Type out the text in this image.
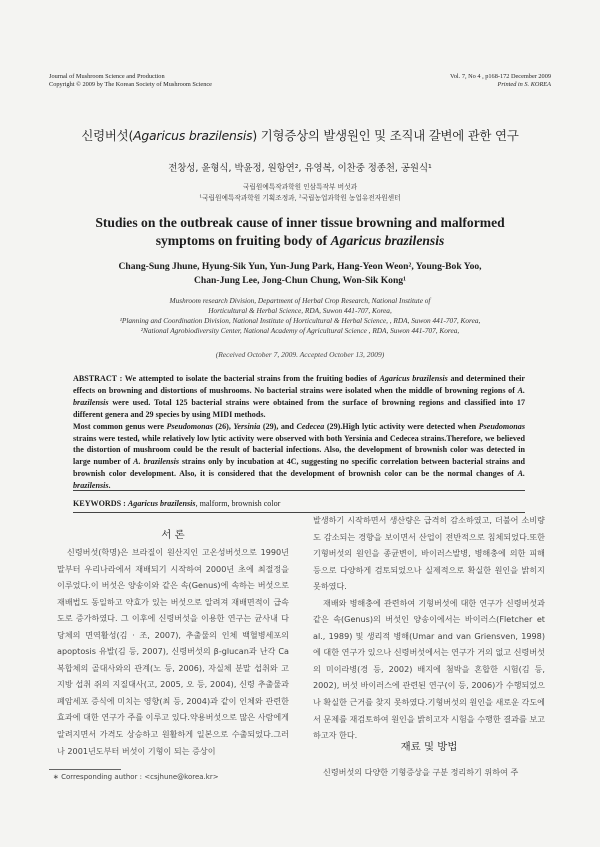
Journal of Mushroom Science and Production
Copyright © 2009 by The Korean Society of Mushroom Science
Vol. 7, No 4 , p168-172 December 2009
Printed in S. KOREA
신령버섯(Agaricus brazilensis) 기형증상의 발생원인 및 조직내 갈변에 관한 연구
전창성, 윤형식, 박윤정, 원항연², 유영복, 이찬중 정종천, 공원식¹
국립원예특작과학원 인삼특작부 버섯과
¹국립원예특작과학원 기획조정과, ²국립농업과학원 농업유전자원센터
Studies on the outbreak cause of inner tissue browning and malformed
symptoms on fruiting body of Agaricus brazilensis
Chang-Sung Jhune, Hyung-Sik Yun, Yun-Jung Park, Hang-Yeon Weon², Young-Bok Yoo,
Chan-Jung Lee, Jong-Chun Chung, Won-Sik Kong¹
Mushroom research Division, Department of Herbal Crop Research, National Institute of
Horticultural & Herbal Science, RDA, Suwon 441-707, Korea,
¹Planning and Coordination Division, National Institute of Horticultural & Herbal Science, , RDA, Suwon 441-707, Korea,
²National Agrobiodiversity Center, National Academy of Agricultural Science , RDA, Suwon 441-707, Korea,
(Received October 7, 2009. Accepted October 13, 2009)

ABSTRACT : We attempted to isolate the bacterial strains from the fruiting bodies of Agaricus brazilensis and determined their effects on browning and distortions of mushrooms. No bacterial strains were isolated when the middle of browning regions of A. brazilensis were used. Total 125 bacterial strains were obtained from the surface of browning regions and classified into 17 different genera and 29 species by using MIDI methods.

Most common genus were Pseudomonas (26), Yersinia (29), and Cedecea (29).High lytic activity were detected when Pseudomonas strains were tested, while relatively low lytic activity were observed with both Yersinia and Cedecea strains.Therefore, we believed the distortion of mushroom could be the result of bacterial infections. Also, the development of brownish color was detected in large number of A. brazilensis strains only by incubation at 4C, suggesting no specific correlation between bacterial strains and brownish color development. Also, it is considered that the development of brownish color can be the normal changes of A. brazilensis.

KEYWORDS : Agaricus brazilensis, malform, brownish color
서 론

신령버섯(학명)은 브라질이 원산지인 고온성버섯으로 1990년 말부터 우리나라에서 재배되기 시작하여 2000년 초에 최절정을 이루었다.이 버섯은 양송이와 같은 속(Genus)에 속하는 버섯으로 재배법도 동일하고 약효가 있는 버섯으로 알려져 재배면적이 급속도로 증가하였다. 그 이후에 신령버섯을 이용한 연구는 균사내 다당체의 면역활성(김 · 조, 2007), 추출물의 인체 백혈병세포의 apoptosis 유발(김 등, 2007), 신령버섯의 β-glucan과 난각 Ca 복합체의 골대사와의 관계(노 등, 2006), 자실체 분말 섭취와 고지방 섭취 쥐의 지질대사(고, 2005, 오 등, 2004), 신령 추출물과 폐암세포 증식에 미치는 영향(최 등, 2004)과 같이 인체와 관련한 효과에 대한 연구가 주를 이루고 있다.약용버섯으로 많은 사람에게 알려지면서 가격도 상승하고 원활하게 일본으로 수출되었다.그러나 2001년도부터 버섯이 기형이 되는 증상이

발생하기 시작하면서 생산량은 급격히 감소하였고, 더불어 소비량도 감소되는 경향을 보이면서 산업이 전반적으로 침체되었다.또한 기형버섯의 원인을 종균변이, 바이러스발병, 병해충에 의한 피해 등으로 다양하게 검토되었으나 실제적으로 확실한 원인을 밝히지 못하였다.

재배와 병해충에 관련하여 기형버섯에 대한 연구가 신령버섯과 같은 속(Genus)의 버섯인 양송이에서는 바이러스(Fletcher et al., 1989) 및 생리적 병해(Umar and van Griensven, 1998)에 대한 연구가 있으나 신령버섯에서는 연구가 거의 없고 신령버섯의 미이라병(경 등, 2002) 배지에 첨박을 혼합한 시험(김 등, 2002), 버섯 바이러스에 관련된 연구(이 등, 2006)가 수행되었으나 확실한 근거를 찾지 못하였다.기형버섯의 원인을 새로운 각도에서 문제를 재검토하여 원인을 밝히고자 시험을 수행한 결과를 보고하고자 한다.

재료 및 방법

신령버섯의 다양한 기형증상을 구분 정리하기 위하여 주

∗ Corresponding author : <csjhune@korea.kr>
